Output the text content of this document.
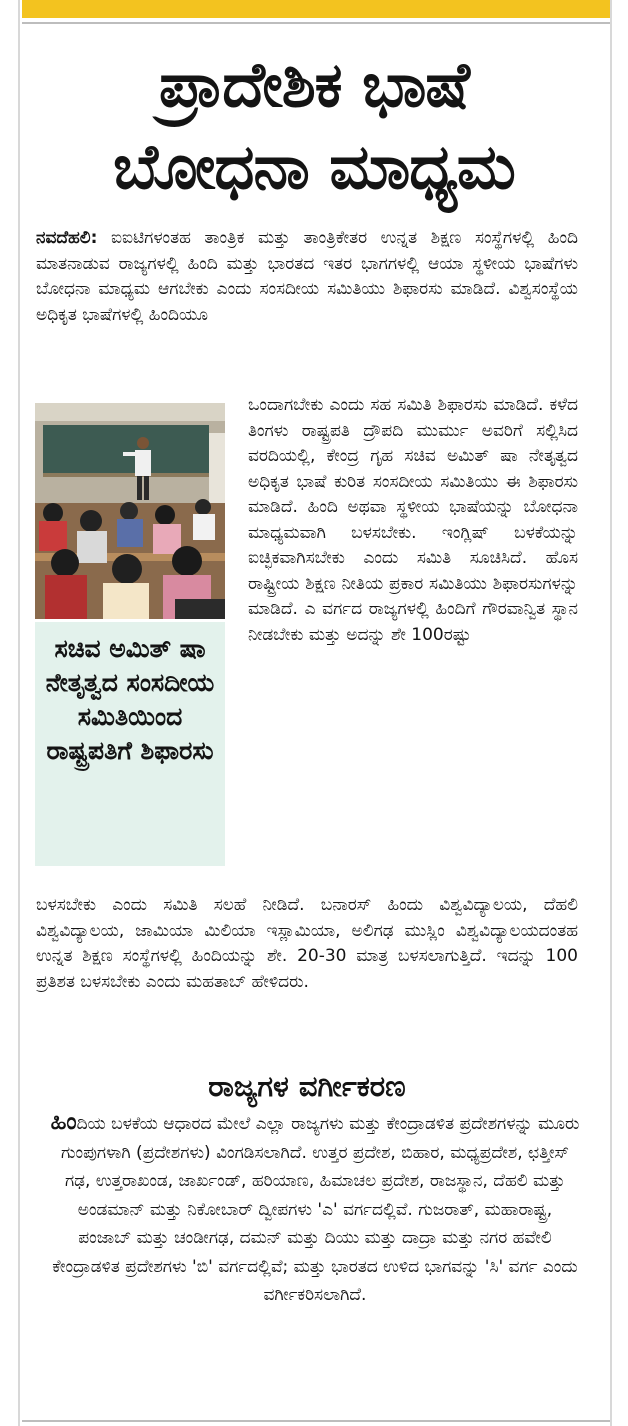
ಪ್ರಾದೇಶಿಕ ಭಾಷೆ
ಬೋಧನಾ ಮಾಧ್ಯಮ

ನವದೆಹಲಿ: ಐಐಟಿಗಳಂತಹ ತಾಂತ್ರಿಕ ಮತ್ತು ತಾಂತ್ರಿಕೇತರ ಉನ್ನತ ಶಿಕ್ಷಣ ಸಂಸ್ಥೆಗಳಲ್ಲಿ ಹಿಂದಿ ಮಾತನಾಡುವ ರಾಜ್ಯಗಳಲ್ಲಿ ಹಿಂದಿ ಮತ್ತು ಭಾರತದ ಇತರ ಭಾಗಗಳಲ್ಲಿ ಆಯಾ ಸ್ಥಳೀಯ ಭಾಷೆಗಳು ಬೋಧನಾ ಮಾಧ್ಯಮ ಆಗಬೇಕು ಎಂದು ಸಂಸದೀಯ ಸಮಿತಿಯು ಶಿಫಾರಸು ಮಾಡಿದೆ. ವಿಶ್ವಸಂಸ್ಥೆಯ ಅಧಿಕೃತ ಭಾಷೆಗಳಲ್ಲಿ ಹಿಂದಿಯೂ

ಸಚಿವ ಅಮಿತ್ ಷಾ ನೇತೃತ್ವದ ಸಂಸದೀಯ ಸಮಿತಿಯಿಂದ ರಾಷ್ಟ್ರಪತಿಗೆ ಶಿಫಾರಸು

ಒಂದಾಗಬೇಕು ಎಂದು ಸಹ ಸಮಿತಿ ಶಿಫಾರಸು ಮಾಡಿದೆ. ಕಳೆದ ತಿಂಗಳು ರಾಷ್ಟ್ರಪತಿ ದ್ರೌಪದಿ ಮುರ್ಮು ಅವರಿಗೆ ಸಲ್ಲಿಸಿದ ವರದಿಯಲ್ಲಿ, ಕೇಂದ್ರ ಗೃಹ ಸಚಿವ ಅಮಿತ್ ಷಾ ನೇತೃತ್ವದ ಅಧಿಕೃತ ಭಾಷೆ ಕುರಿತ ಸಂಸದೀಯ ಸಮಿತಿಯು ಈ ಶಿಫಾರಸು ಮಾಡಿದೆ. ಹಿಂದಿ ಅಥವಾ ಸ್ಥಳೀಯ ಭಾಷೆಯನ್ನು ಬೋಧನಾ ಮಾಧ್ಯಮವಾಗಿ ಬಳಸಬೇಕು. ಇಂಗ್ಲಿಷ್ ಬಳಕೆಯನ್ನು ಐಚ್ಛಿಕವಾಗಿಸಬೇಕು ಎಂದು ಸಮಿತಿ ಸೂಚಿಸಿದೆ. ಹೊಸ ರಾಷ್ಟ್ರೀಯ ಶಿಕ್ಷಣ ನೀತಿಯ ಪ್ರಕಾರ ಸಮಿತಿಯು ಶಿಫಾರಸುಗಳನ್ನು ಮಾಡಿದೆ. ಎ ವರ್ಗದ ರಾಜ್ಯಗಳಲ್ಲಿ ಹಿಂದಿಗೆ ಗೌರವಾನ್ವಿತ ಸ್ಥಾನ ನೀಡಬೇಕು ಮತ್ತು ಅದನ್ನು ಶೇ 100ರಷ್ಟು

ಬಳಸಬೇಕು ಎಂದು ಸಮಿತಿ ಸಲಹೆ ನೀಡಿದೆ. ಬನಾರಸ್ ಹಿಂದು ವಿಶ್ವವಿದ್ಯಾಲಯ, ದೆಹಲಿ ವಿಶ್ವವಿದ್ಯಾಲಯ, ಜಾಮಿಯಾ ಮಿಲಿಯಾ ಇಸ್ಲಾಮಿಯಾ, ಅಲಿಗಢ ಮುಸ್ಲಿಂ ವಿಶ್ವವಿದ್ಯಾಲಯದಂತಹ ಉನ್ನತ ಶಿಕ್ಷಣ ಸಂಸ್ಥೆಗಳಲ್ಲಿ ಹಿಂದಿಯನ್ನು ಶೇ. 20-30 ಮಾತ್ರ ಬಳಸಲಾಗುತ್ತಿದೆ. ಇದನ್ನು 100 ಪ್ರತಿಶತ ಬಳಸಬೇಕು ಎಂದು ಮಹತಾಬ್ ಹೇಳಿದರು.

ರಾಜ್ಯಗಳ ವರ್ಗೀಕರಣ

ಹಿಂದಿಯ ಬಳಕೆಯ ಆಧಾರದ ಮೇಲೆ ಎಲ್ಲಾ ರಾಜ್ಯಗಳು ಮತ್ತು ಕೇಂದ್ರಾಡಳಿತ ಪ್ರದೇಶಗಳನ್ನು ಮೂರು ಗುಂಪುಗಳಾಗಿ (ಪ್ರದೇಶಗಳು) ವಿಂಗಡಿಸಲಾಗಿದೆ. ಉತ್ತರ ಪ್ರದೇಶ, ಬಿಹಾರ, ಮಧ್ಯಪ್ರದೇಶ, ಛತ್ತೀಸ್ ಗಢ, ಉತ್ತರಾಖಂಡ, ಜಾರ್ಖಂಡ್, ಹರಿಯಾಣ, ಹಿಮಾಚಲ ಪ್ರದೇಶ, ರಾಜಸ್ಥಾನ, ದೆಹಲಿ ಮತ್ತು ಅಂಡಮಾನ್ ಮತ್ತು ನಿಕೋಬಾರ್ ದ್ವೀಪಗಳು 'ಎ' ವರ್ಗದಲ್ಲಿವೆ. ಗುಜರಾತ್, ಮಹಾರಾಷ್ಟ್ರ, ಪಂಜಾಬ್ ಮತ್ತು ಚಂಡೀಗಢ, ದಮನ್ ಮತ್ತು ದಿಯು ಮತ್ತು ದಾದ್ರಾ ಮತ್ತು ನಗರ ಹವೇಲಿ ಕೇಂದ್ರಾಡಳಿತ ಪ್ರದೇಶಗಳು 'ಬಿ' ವರ್ಗದಲ್ಲಿವೆ; ಮತ್ತು ಭಾರತದ ಉಳಿದ ಭಾಗವನ್ನು 'ಸಿ' ವರ್ಗ ಎಂದು ವರ್ಗೀಕರಿಸಲಾಗಿದೆ.
